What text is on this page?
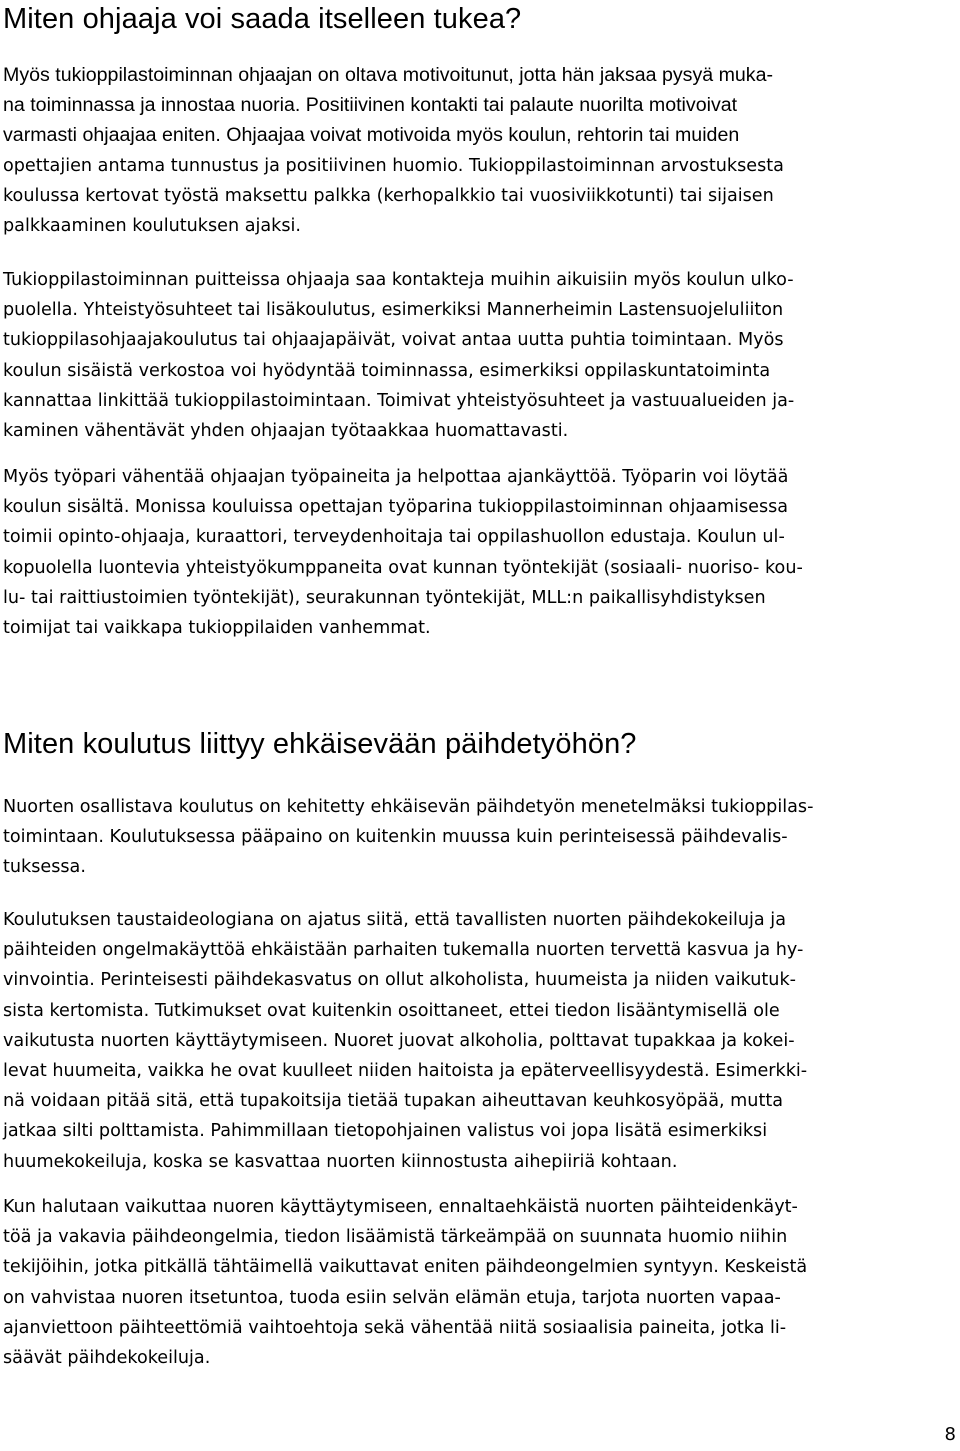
Miten ohjaaja voi saada itselleen tukea?
Myös tukioppilastoiminnan ohjaajan on oltava motivoitunut, jotta hän jaksaa pysyä muka-
na toiminnassa ja innostaa nuoria. Positiivinen kontakti tai palaute nuorilta motivoivat
varmasti ohjaajaa eniten. Ohjaajaa voivat motivoida myös koulun, rehtorin tai muiden
opettajien antama tunnustus ja positiivinen huomio. Tukioppilastoiminnan arvostuksesta
koulussa kertovat työstä maksettu palkka (kerhopalkkio tai vuosiviikkotunti) tai sijaisen
palkkaaminen koulutuksen ajaksi.
Tukioppilastoiminnan puitteissa ohjaaja saa kontakteja muihin aikuisiin myös koulun ulko-
puolella. Yhteistyösuhteet tai lisäkoulutus, esimerkiksi Mannerheimin Lastensuojeluliiton
tukioppilasohjaajakoulutus tai ohjaajapäivät, voivat antaa uutta puhtia toimintaan. Myös
koulun sisäistä verkostoa voi hyödyntää toiminnassa, esimerkiksi oppilaskuntatoiminta
kannattaa linkittää tukioppilastoimintaan. Toimivat yhteistyösuhteet ja vastuualueiden ja-
kaminen vähentävät yhden ohjaajan työtaakkaa huomattavasti.
Myös työpari vähentää ohjaajan työpaineita ja helpottaa ajankäyttöä. Työparin voi löytää
koulun sisältä. Monissa kouluissa opettajan työparina tukioppilastoiminnan ohjaamisessa
toimii opinto-ohjaaja, kuraattori, terveydenhoitaja tai oppilashuollon edustaja. Koulun ul-
kopuolella luontevia yhteistyökumppaneita ovat kunnan työntekijät (sosiaali- nuoriso- kou-
lu- tai raittiustoimien työntekijät), seurakunnan työntekijät, MLL:n paikallisyhdistyksen
toimijat tai vaikkapa tukioppilaiden vanhemmat.
Miten koulutus liittyy ehkäisevään päihdetyöhön?
Nuorten osallistava koulutus on kehitetty ehkäisevän päihdetyön menetelmäksi tukioppilas-
toimintaan. Koulutuksessa pääpaino on kuitenkin muussa kuin perinteisessä päihdevalis-
tuksessa.
Koulutuksen taustaideologiana on ajatus siitä, että tavallisten nuorten päihdekokeiluja ja
päihteiden ongelmakäyttöä ehkäistään parhaiten tukemalla nuorten tervettä kasvua ja hy-
vinvointia. Perinteisesti päihdekasvatus on ollut alkoholista, huumeista ja niiden vaikutuk-
sista kertomista. Tutkimukset ovat kuitenkin osoittaneet, ettei tiedon lisääntymisellä ole
vaikutusta nuorten käyttäytymiseen. Nuoret juovat alkoholia, polttavat tupakkaa ja kokei-
levat huumeita, vaikka he ovat kuulleet niiden haitoista ja epäterveellisyydestä. Esimerkki-
nä voidaan pitää sitä, että tupakoitsija tietää tupakan aiheuttavan keuhkosyöpää, mutta
jatkaa silti polttamista. Pahimmillaan tietopohjainen valistus voi jopa lisätä esimerkiksi
huumekokeiluja, koska se kasvattaa nuorten kiinnostusta aihepiiriä kohtaan.
Kun halutaan vaikuttaa nuoren käyttäytymiseen, ennaltaehkäistä nuorten päihteidenkäyt-
töä ja vakavia päihdeongelmia, tiedon lisäämistä tärkeämpää on suunnata huomio niihin
tekijöihin, jotka pitkällä tähtäimellä vaikuttavat eniten päihdeongelmien syntyyn. Keskeistä
on vahvistaa nuoren itsetuntoa, tuoda esiin selvän elämän etuja, tarjota nuorten vapaa-
ajanviettoon päihteettömiä vaihtoehtoja sekä vähentää niitä sosiaalisia paineita, jotka li-
säävät päihdekokeiluja.
8
